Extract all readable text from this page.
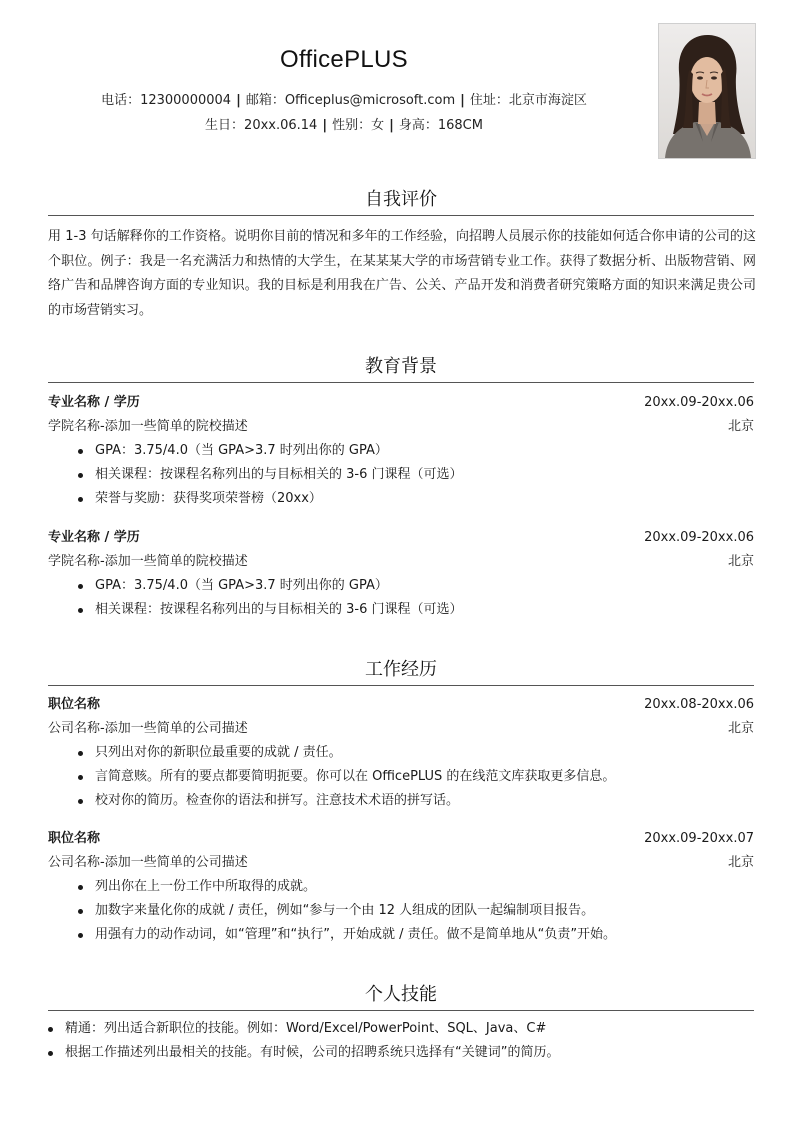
OfficePLUS
电话：12300000004 | 邮箱：Officeplus@microsoft.com | 住址：北京市海淀区
生日：20xx.06.14 | 性别：女 | 身高：168CM
自我评价
用 1-3 句话解释你的工作资格。说明你目前的情况和多年的工作经验，向招聘人员展示你的技能如何适合你申请的公司的这个职位。例子：我是一名充满活力和热情的大学生，在某某某大学的市场营销专业工作。获得了数据分析、出版物营销、网络广告和品牌咨询方面的专业知识。我的目标是利用我在广告、公关、产品开发和消费者研究策略方面的知识来满足贵公司的市场营销实习。
教育背景
专业名称 / 学历	20xx.09-20xx.06
学院名称-添加一些简单的院校描述	北京
GPA：3.75/4.0（当 GPA>3.7 时列出你的 GPA）
相关课程：按课程名称列出的与目标相关的 3-6 门课程（可选）
荣誉与奖励：获得奖项荣誉榜（20xx）
专业名称 / 学历	20xx.09-20xx.06
学院名称-添加一些简单的院校描述	北京
GPA：3.75/4.0（当 GPA>3.7 时列出你的 GPA）
相关课程：按课程名称列出的与目标相关的 3-6 门课程（可选）
工作经历
职位名称	20xx.08-20xx.06
公司名称-添加一些简单的公司描述	北京
只列出对你的新职位最重要的成就 / 责任。
言简意赅。所有的要点都要简明扼要。你可以在 OfficePLUS 的在线范文库获取更多信息。
校对你的简历。检查你的语法和拼写。注意技术术语的拼写话。
职位名称	20xx.09-20xx.07
公司名称-添加一些简单的公司描述	北京
列出你在上一份工作中所取得的成就。
加数字来量化你的成就 / 责任，例如“参与一个由 12 人组成的团队一起编制项目报告。
用强有力的动作动词，如“管理”和“执行”，开始成就 / 责任。做不是简单地从“负责”开始。
个人技能
精通：列出适合新职位的技能。例如：Word/Excel/PowerPoint、SQL、Java、C#
根据工作描述列出最相关的技能。有时候，公司的招聘系统只选择有“关键词”的简历。
